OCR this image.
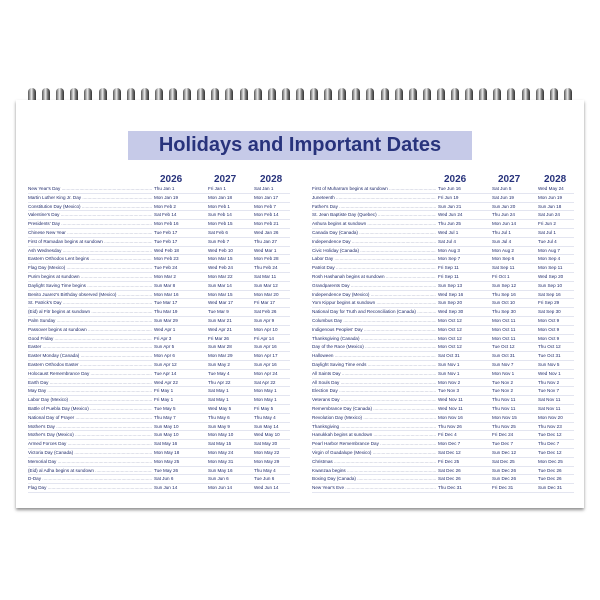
Holidays and Important Dates
2026	2027 2028
New Year's Day .....	Thu Jan 1	Fri Jan 1	Sat Jan 1
Martin Luther King Jr. Day .....	Mon Jan 19	Mon Jan 18	Mon Jan 17
Constitution Day (Mexico) .....	Mon Feb 2	Mon Feb 1	Mon Feb 7
Valentine's Day .....	Sat Feb 14	Sun Feb 14	Mon Feb 14
Presidents' Day .....	Mon Feb 16	Mon Feb 15	Mon Feb 21
Chinese New Year .....	Tue Feb 17	Sat Feb 6	Wed Jan 26
First of Ramadan begins at sundown .....	Tue Feb 17	Sun Feb 7	Thu Jan 27
Ash Wednesday .....	Wed Feb 18	Wed Feb 10	Wed Mar 1
Eastern Orthodox Lent begins .....	Mon Feb 23	Mon Mar 15	Mon Feb 28
Flag Day (Mexico) .....	Tue Feb 24	Wed Feb 24	Thu Feb 24
Purim begins at sundown .....	Mon Mar 2	Mon Mar 22	Sat Mar 11
Daylight Saving Time begins .....	Sun Mar 8	Sun Mar 14	Sun Mar 12
Benito Juarez's Birthday observed (Mexico) .....	Mon Mar 16	Mon Mar 15	Mon Mar 20
St. Patrick's Day .....	Tue Mar 17	Wed Mar 17	Fri Mar 17
(Eid) al Fitr begins at sundown .....	Thu Mar 19	Tue Mar 9	Sat Feb 26
Palm Sunday .....	Sun Mar 29	Sun Mar 21	Sun Apr 9
Passover begins at sundown .....	Wed Apr 1	Wed Apr 21	Mon Apr 10
Good Friday .....	Fri Apr 3	Fri Mar 26	Fri Apr 14
Easter .....	Sun Apr 5	Sun Mar 28	Sun Apr 16
Easter Monday (Canada) .....	Mon Apr 6	Mon Mar 29	Mon Apr 17
Eastern Orthodox Easter .....	Sun Apr 12	Sun May 2	Sun Apr 16
Holocaust Remembrance Day .....	Tue Apr 14	Tue May 4	Mon Apr 24
Earth Day .....	Wed Apr 22	Thu Apr 22	Sat Apr 22
May Day .....	Fri May 1	Sat May 1	Mon May 1
Labor Day (Mexico) .....	Fri May 1	Sat May 1	Mon May 1
Battle of Puebla Day (Mexico) .....	Tue May 5	Wed May 5	Fri May 5
National Day of Prayer .....	Thu May 7	Thu May 6	Thu May 4
Mother's Day .....	Sun May 10	Sun May 9	Sun May 14
Mother's Day (Mexico) .....	Sun May 10	Mon May 10	Wed May 10
Armed Forces Day .....	Sat May 16	Sat May 15	Sat May 20
Victoria Day (Canada) .....	Mon May 18	Mon May 24	Mon May 22
Memorial Day .....	Mon May 25	Mon May 31	Mon May 29
(Eid) al Adha begins at sundown .....	Tue May 26	Sun May 16	Thu May 4
D-Day .....	Sat Jun 6	Sun Jun 6	Tue Jun 6
Flag Day .....	Sun Jun 14	Mon Jun 14	Wed Jun 14
2026	2027 2028
First of Muharram begins at sundown .....	Tue Jun 16	Sat Jun 5	Wed May 24
Juneteenth .....	Fri Jun 19	Sat Jun 19	Mon Jun 19
Father's Day .....	Sun Jun 21	Sun Jun 20	Sun Jun 18
St. Jean Baptiste Day (Quebec) .....	Wed Jun 24	Thu Jun 24	Sat Jun 24
Ashura begins at sundown .....	Thu Jun 25	Mon Jun 14	Fri Jun 2
Canada Day (Canada) .....	Wed Jul 1	Thu Jul 1	Sat Jul 1
Independence Day .....	Sat Jul 4	Sun Jul 4	Tue Jul 4
Civic Holiday (Canada) .....	Mon Aug 3	Mon Aug 2	Mon Aug 7
Labor Day .....	Mon Sep 7	Mon Sep 6	Mon Sep 4
Patriot Day .....	Fri Sep 11	Sat Sep 11	Mon Sep 11
Rosh Hashanah begins at sundown .....	Fri Sep 11	Fri Oct 1	Wed Sep 20
Grandparents Day .....	Sun Sep 13	Sun Sep 12	Sun Sep 10
Independence Day (Mexico) .....	Wed Sep 16	Thu Sep 16	Sat Sep 16
Yom Kippur begins at sundown .....	Sun Sep 20	Sun Oct 10	Fri Sep 29
National Day for Truth and Reconciliation (Canada) .....	Wed Sep 30	Thu Sep 30	Sat Sep 30
Columbus Day .....	Mon Oct 12	Mon Oct 11	Mon Oct 9
Indigenous Peoples' Day .....	Mon Oct 12	Mon Oct 11	Mon Oct 9
Thanksgiving (Canada) .....	Mon Oct 12	Mon Oct 11	Mon Oct 9
Day of the Race (Mexico) .....	Mon Oct 12	Tue Oct 12	Thu Oct 12
Halloween .....	Sat Oct 31	Sun Oct 31	Tue Oct 31
Daylight Saving Time ends .....	Sun Nov 1	Sun Nov 7	Sun Nov 5
All Saints Day .....	Sun Nov 1	Mon Nov 1	Wed Nov 1
All Souls Day .....	Mon Nov 2	Tue Nov 2	Thu Nov 2
Election Day .....	Tue Nov 3	Tue Nov 2	Tue Nov 7
Veterans Day .....	Wed Nov 11	Thu Nov 11	Sat Nov 11
Remembrance Day (Canada) .....	Wed Nov 11	Thu Nov 11	Sat Nov 11
Revolution Day (Mexico) .....	Mon Nov 16	Mon Nov 15	Mon Nov 20
Thanksgiving .....	Thu Nov 26	Thu Nov 25	Thu Nov 23
Hanukkah begins at sundown .....	Fri Dec 4	Fri Dec 24	Tue Dec 12
Pearl Harbor Remembrance Day .....	Mon Dec 7	Tue Dec 7	Thu Dec 7
Virgin of Guadalupe (Mexico) .....	Sat Dec 12	Sun Dec 12	Tue Dec 12
Christmas .....	Fri Dec 25	Sat Dec 25	Mon Dec 25
Kwanzaa begins .....	Sat Dec 26	Sun Dec 26	Tue Dec 26
Boxing Day (Canada) .....	Sat Dec 26	Sun Dec 26	Tue Dec 26
New Year's Eve .....	Thu Dec 31	Fri Dec 31	Sun Dec 31
